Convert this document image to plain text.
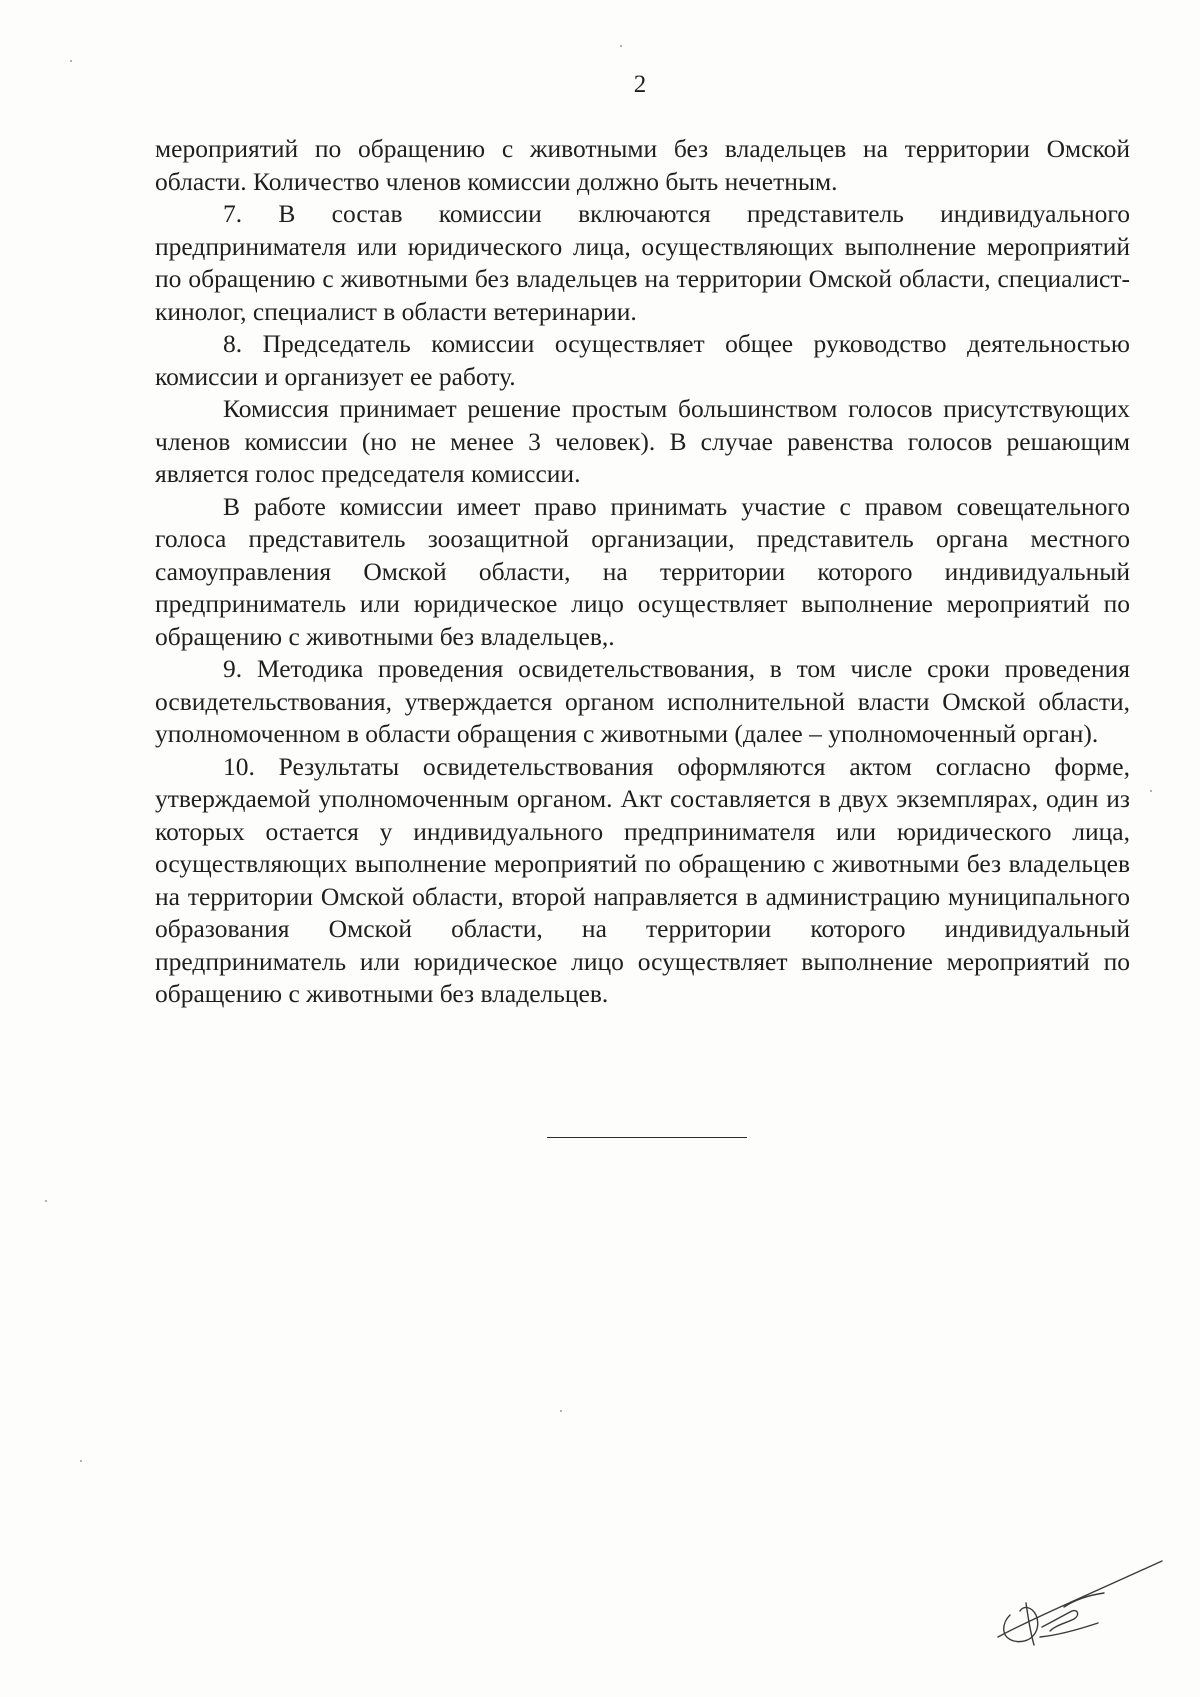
2

мероприятий по обращению с животными без владельцев на территории Омской области. Количество членов комиссии должно быть нечетным.

7. В состав комиссии включаются представитель индивидуального предпринимателя или юридического лица, осуществляющих выполнение мероприятий по обращению с животными без владельцев на территории Омской области, специалист-кинолог, специалист в области ветеринарии.

8. Председатель комиссии осуществляет общее руководство деятельностью комиссии и организует ее работу.

Комиссия принимает решение простым большинством голосов присутствующих членов комиссии (но не менее 3 человек). В случае равенства голосов решающим является голос председателя комиссии.

В работе комиссии имеет право принимать участие с правом совещательного голоса представитель зоозащитной организации, представитель органа местного самоуправления Омской области, на территории которого индивидуальный предприниматель или юридическое лицо осуществляет выполнение мероприятий по обращению с животными без владельцев,.

9. Методика проведения освидетельствования, в том числе сроки проведения освидетельствования, утверждается органом исполнительной власти Омской области, уполномоченном в области обращения с животными (далее – уполномоченный орган).

10. Результаты освидетельствования оформляются актом согласно форме, утверждаемой уполномоченным органом. Акт составляется в двух экземплярах, один из которых остается у индивидуального предпринимателя или юридического лица, осуществляющих выполнение мероприятий по обращению с животными без владельцев на территории Омской области, второй направляется в администрацию муниципального образования Омской области, на территории которого индивидуальный предприниматель или юридическое лицо осуществляет выполнение мероприятий по обращению с животными без владельцев.
